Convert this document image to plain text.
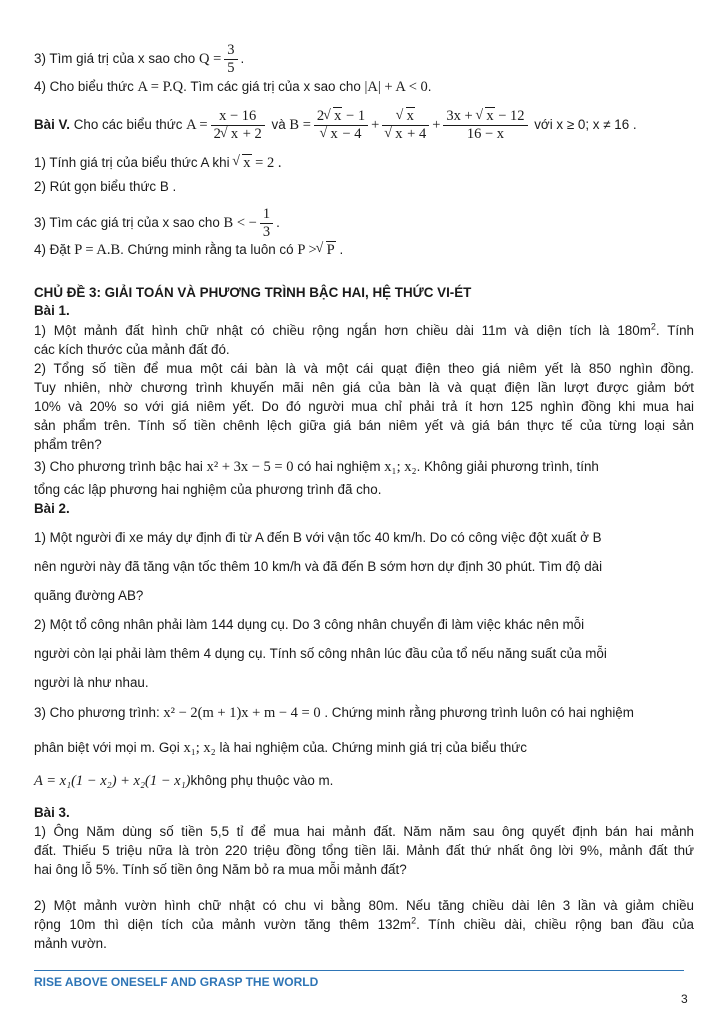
3) Tìm giá trị của x sao cho $Q = \frac{3}{5}$ .
4) Cho biểu thức A = P.Q. Tìm các giá trị của x sao cho |A| + A < 0.
Bài V. Cho các biểu thức $A = \frac{x - 16}{2 √ x + 2}$ và B = 2 √ x − 1
√ x − 4 + √ x
√ $x + 4 + \frac{3x + √ x - 12}{16 - x}$ với x ≥ 0; x ≠ 16 .
1) Tính giá trị của biểu thức A khi √ x = 2 .
2) Rút gọn biểu thức B .
3) Tìm các giá trị của x sao cho B < − $\frac{1}{3}$ .
4) Đặt P = A.B. Chứng minh rằng ta luôn có P > √ P .
CHỦ ĐỀ 3: GIẢI TOÁN VÀ PHƯƠNG TRÌNH BẬC HAI, HỆ THỨC VI-ÉT
Bài 1.
1) Một mảnh đất hình chữ nhật có chiều rộng ngắn hơn chiều dài 11m và diện tích là $180m^2$. Tính
các kích thước của mảnh đất đó.
2) Tổng số tiền để mua một cái bàn là và một cái quạt điện theo giá niêm yết là 850 nghìn đồng.
Tuy nhiên, nhờ chương trình khuyến mãi nên giá của bàn là và quạt điện lần lượt được giảm bớt
10% và 20% so với giá niêm yết. Do đó người mua chỉ phải trả ít hơn 125 nghìn đồng khi mua hai
sản phẩm trên. Tính số tiền chênh lệch giữa giá bán niêm yết và giá bán thực tế của từng loại sản
phẩm trên?
3) Cho phương trình bậc hai x² + 3x − 5 = 0 có hai nghiệm x₁; x₂. Không giải phương trình, tính
tổng các lập phương hai nghiệm của phương trình đã cho.
Bài 2.
1) Một người đi xe máy dự định đi từ A đến B với vận tốc 40 km/h. Do có công việc đột xuất ở B
nên người này đã tăng vận tốc thêm 10 km/h và đã đến B sớm hơn dự định 30 phút. Tìm độ dài
quãng đường AB?
2) Một tổ công nhân phải làm 144 dụng cụ. Do 3 công nhân chuyển đi làm việc khác nên mỗi
người còn lại phải làm thêm 4 dụng cụ. Tính số công nhân lúc đầu của tổ nếu năng suất của mỗi
người là như nhau.
3) Cho phương trình: x² − 2(m + 1)x + m − 4 = 0 . Chứng minh rằng phương trình luôn có hai nghiệm
phân biệt với mọi m. Gọi x₁; x₂ là hai nghiệm của. Chứng minh giá trị của biểu thức
A = x₁(1 − x₂) + x₂(1 − x₁)không phụ thuộc vào m.
Bài 3.
1) Ông Năm dùng số tiền 5,5 tỉ để mua hai mảnh đất. Năm năm sau ông quyết định bán hai mảnh
đất. Thiếu 5 triệu nữa là tròn 220 triệu đồng tổng tiền lãi. Mảnh đất thứ nhất ông lời 9%, mảnh đất thứ
hai ông lỗ 5%. Tính số tiền ông Năm bỏ ra mua mỗi mảnh đất?
2) Một mảnh vườn hình chữ nhật có chu vi bằng 80m. Nếu tăng chiều dài lên 3 lần và giảm chiều
rộng 10m thì diện tích của mảnh vườn tăng thêm $132m^2$. Tính chiều dài, chiều rộng ban đầu của
mảnh vườn.
RISE ABOVE ONESELF AND GRASP THE WORLD
3
